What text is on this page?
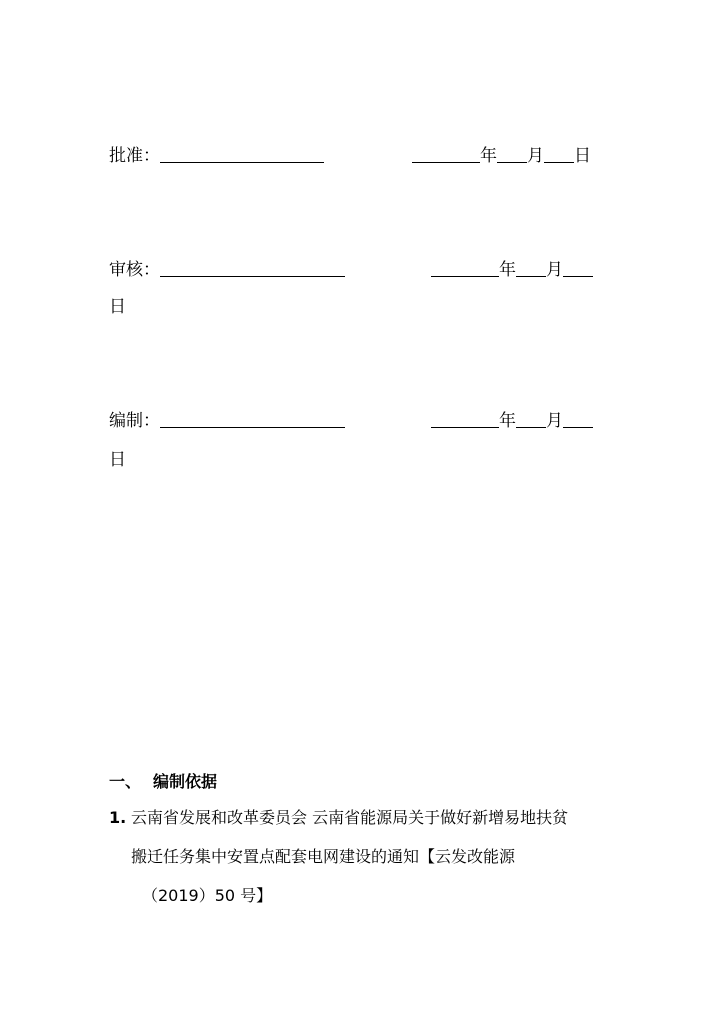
批准：	年 月 日
审核：	年 月
日
编制：	年 月
日
一、 编制依据
1. 云南省发展和改革委员会 云南省能源局关于做好新增易地扶贫
搬迁任务集中安置点配套电网建设的通知【云发改能源
（2019）50 号】
